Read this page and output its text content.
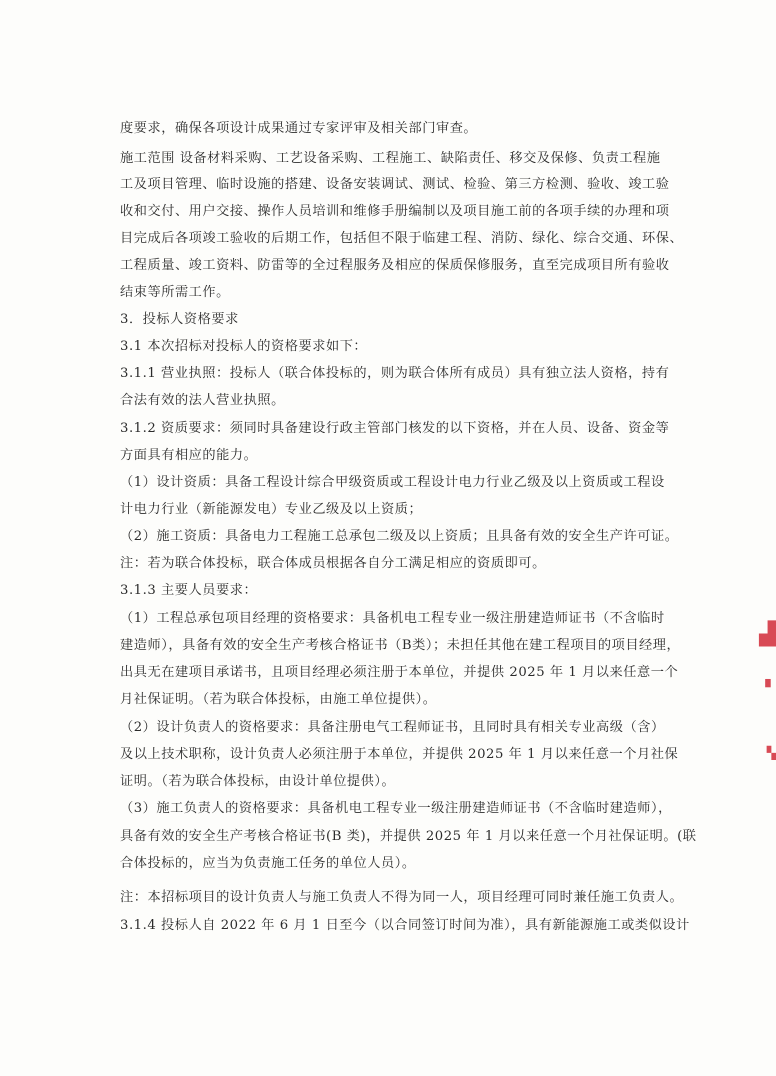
度要求，确保各项设计成果通过专家评审及相关部门审查。
施工范围 设备材料采购、工艺设备采购、工程施工、缺陷责任、移交及保修、负责工程施
工及项目管理、临时设施的搭建、设备安装调试、测试、检验、第三方检测、验收、竣工验
收和交付、用户交接、操作人员培训和维修手册编制以及项目施工前的各项手续的办理和项
目完成后各项竣工验收的后期工作，包括但不限于临建工程、消防、绿化、综合交通、环保、
工程质量、竣工资料、防雷等的全过程服务及相应的保质保修服务，直至完成项目所有验收
结束等所需工作。
3．投标人资格要求
3.1 本次招标对投标人的资格要求如下：
3.1.1 营业执照：投标人（联合体投标的，则为联合体所有成员）具有独立法人资格，持有
合法有效的法人营业执照。
3.1.2 资质要求：须同时具备建设行政主管部门核发的以下资格，并在人员、设备、资金等
方面具有相应的能力。
（1）设计资质：具备工程设计综合甲级资质或工程设计电力行业乙级及以上资质或工程设
计电力行业（新能源发电）专业乙级及以上资质；
（2）施工资质：具备电力工程施工总承包二级及以上资质；且具备有效的安全生产许可证。
注：若为联合体投标，联合体成员根据各自分工满足相应的资质即可。
3.1.3 主要人员要求：
（1）工程总承包项目经理的资格要求：具备机电工程专业一级注册建造师证书（不含临时
建造师），具备有效的安全生产考核合格证书（B类）；未担任其他在建工程项目的项目经理，
出具无在建项目承诺书，且项目经理必须注册于本单位，并提供 2025 年 1 月以来任意一个
月社保证明。（若为联合体投标，由施工单位提供）。
（2）设计负责人的资格要求：具备注册电气工程师证书，且同时具有相关专业高级（含）
及以上技术职称，设计负责人必须注册于本单位，并提供 2025 年 1 月以来任意一个月社保
证明。（若为联合体投标，由设计单位提供）。
（3）施工负责人的资格要求：具备机电工程专业一级注册建造师证书（不含临时建造师），
具备有效的安全生产考核合格证书(B 类)，并提供 2025 年 1 月以来任意一个月社保证明。(联
合体投标的，应当为负责施工任务的单位人员）。
注：本招标项目的设计负责人与施工负责人不得为同一人，项目经理可同时兼任施工负责人。
3.1.4 投标人自 2022 年 6 月 1 日至今（以合同签订时间为准），具有新能源施工或类似设计
▟
▘
▚
